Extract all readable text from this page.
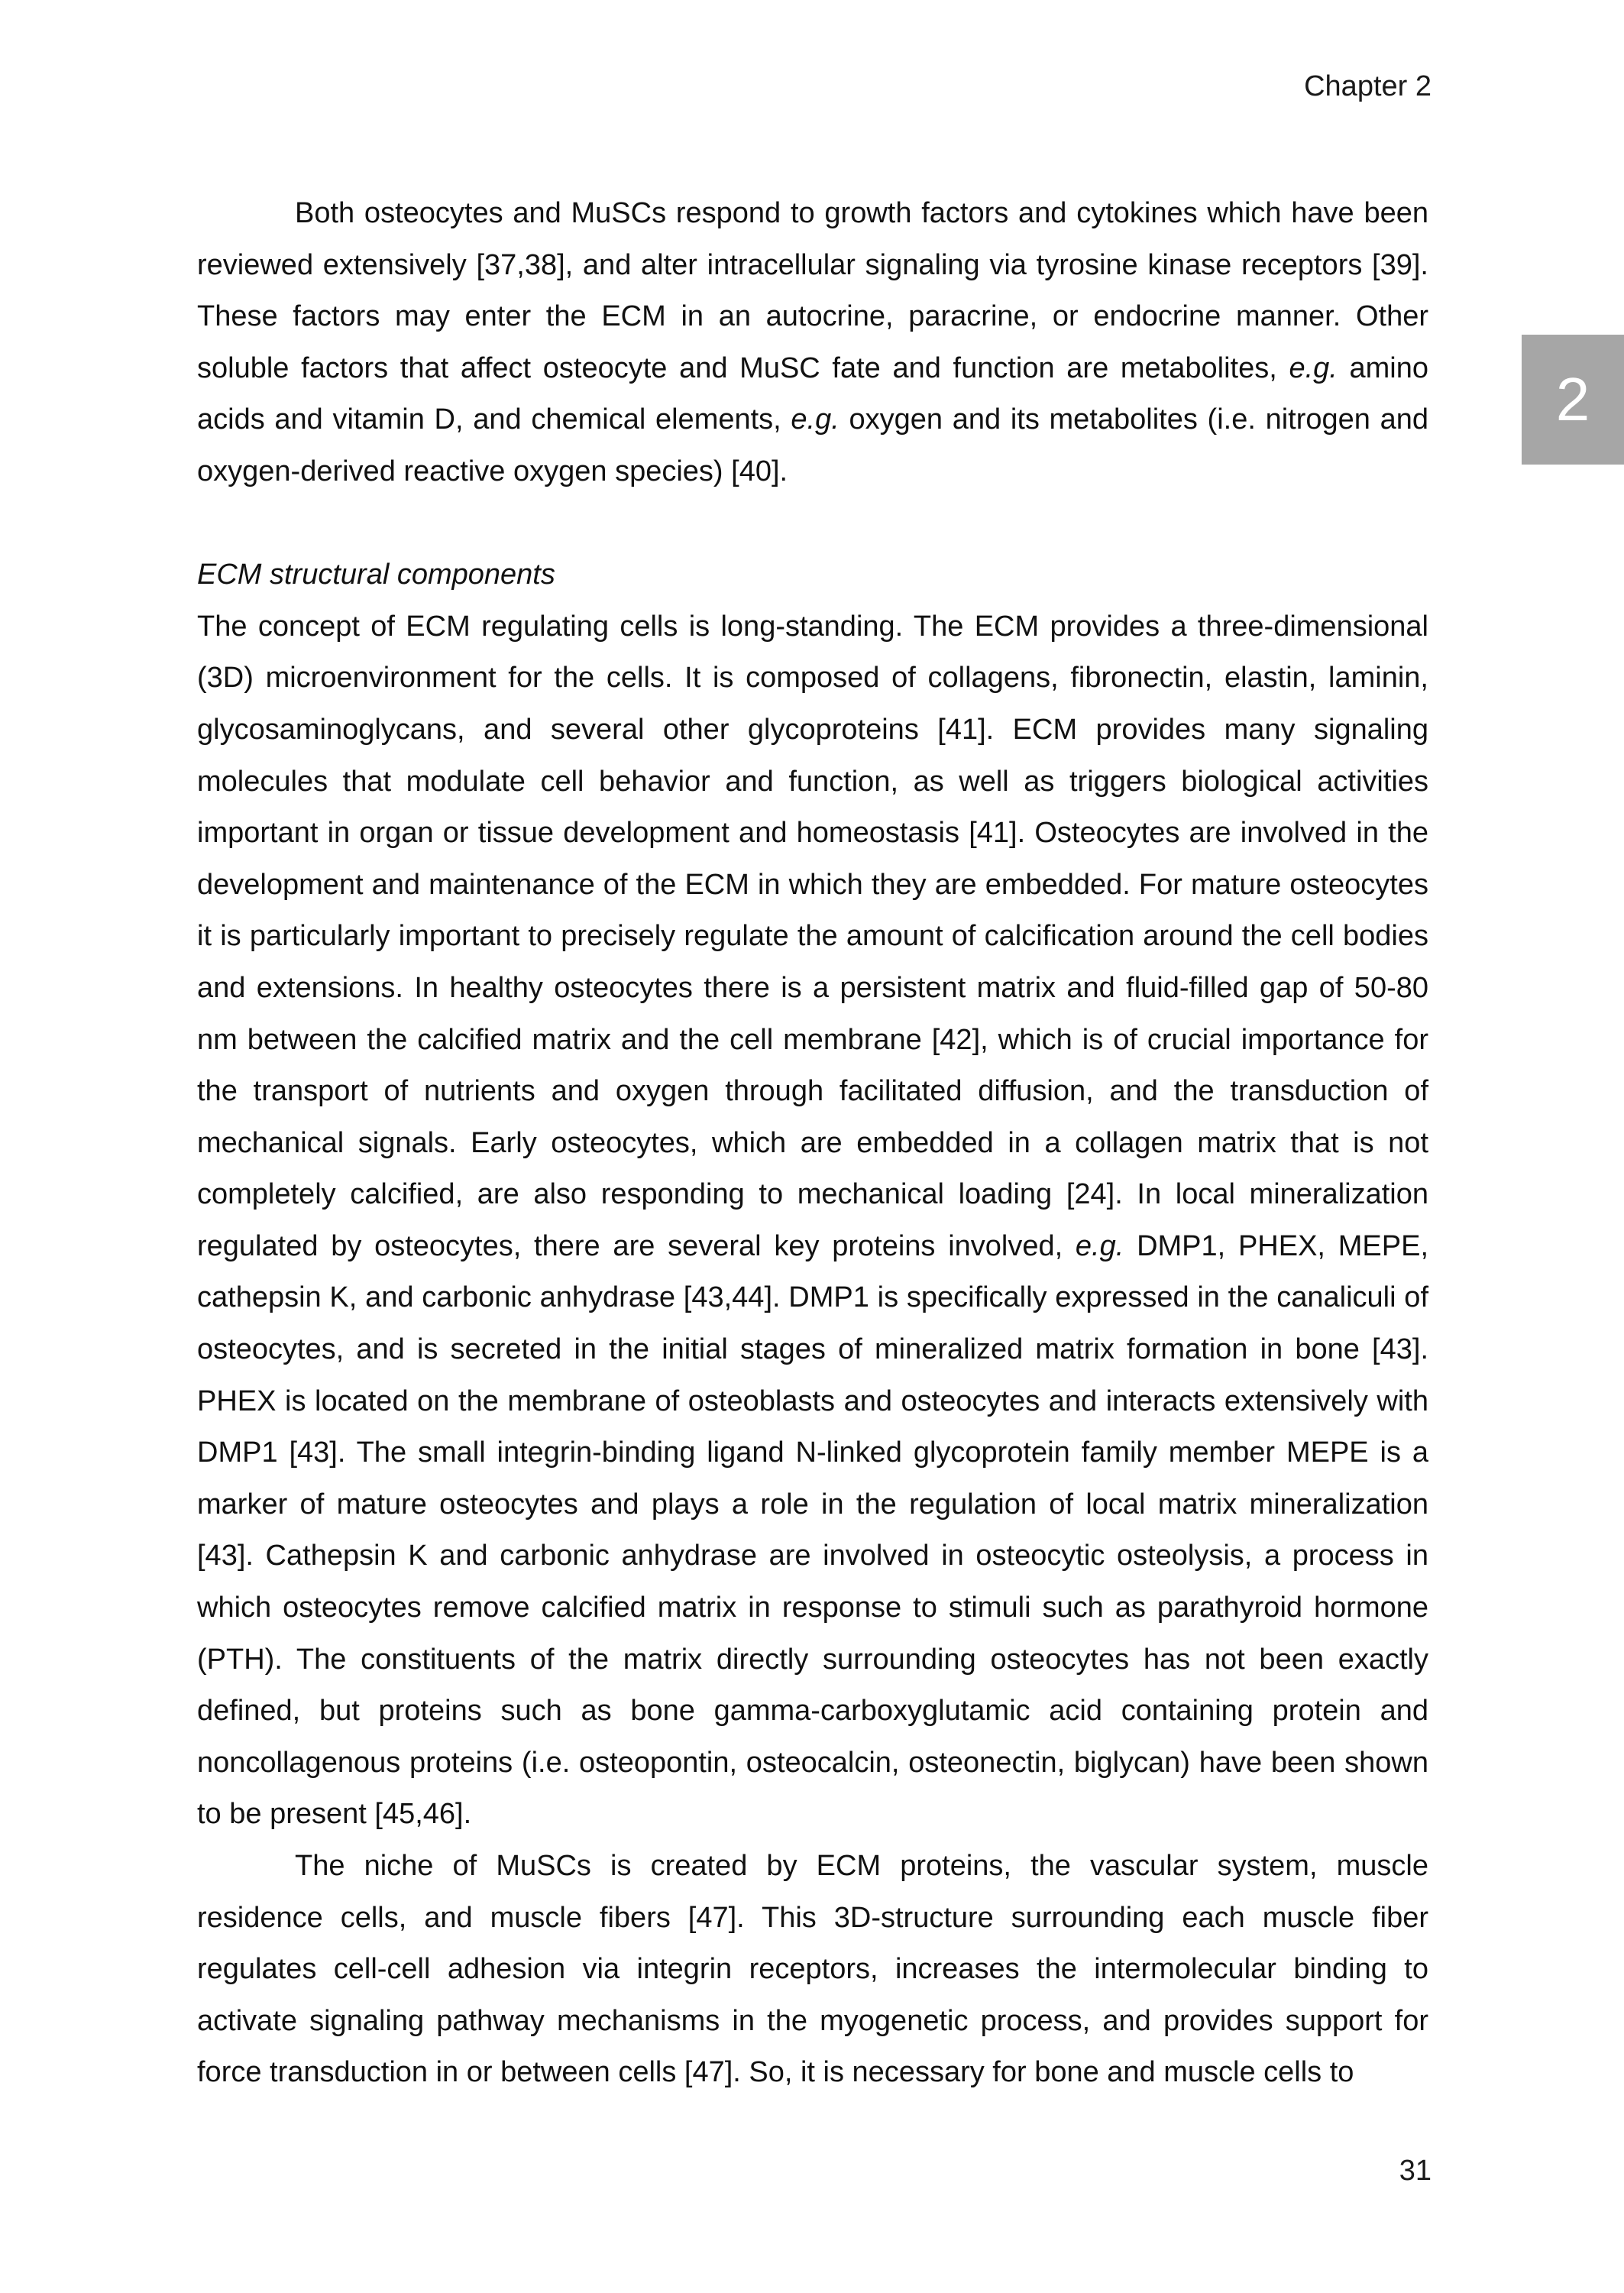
Chapter 2
2

Both osteocytes and MuSCs respond to growth factors and cytokines which have been reviewed extensively [37,38], and alter intracellular signaling via tyrosine kinase receptors [39]. These factors may enter the ECM in an autocrine, paracrine, or endocrine manner. Other soluble factors that affect osteocyte and MuSC fate and function are metabolites, e.g. amino acids and vitamin D, and chemical elements, e.g. oxygen and its metabolites (i.e. nitrogen and oxygen-derived reactive oxygen species) [40].

ECM structural components

The concept of ECM regulating cells is long-standing. The ECM provides a three-dimensional (3D) microenvironment for the cells. It is composed of collagens, fibronectin, elastin, laminin, glycosaminoglycans, and several other glycoproteins [41]. ECM provides many signaling molecules that modulate cell behavior and function, as well as triggers biological activities important in organ or tissue development and homeostasis [41]. Osteocytes are involved in the development and maintenance of the ECM in which they are embedded. For mature osteocytes it is particularly important to precisely regulate the amount of calcification around the cell bodies and extensions. In healthy osteocytes there is a persistent matrix and fluid-filled gap of 50-80 nm between the calcified matrix and the cell membrane [42], which is of crucial importance for the transport of nutrients and oxygen through facilitated diffusion, and the transduction of mechanical signals. Early osteocytes, which are embedded in a collagen matrix that is not completely calcified, are also responding to mechanical loading [24]. In local mineralization regulated by osteocytes, there are several key proteins involved, e.g. DMP1, PHEX, MEPE, cathepsin K, and carbonic anhydrase [43,44]. DMP1 is specifically expressed in the canaliculi of osteocytes, and is secreted in the initial stages of mineralized matrix formation in bone [43]. PHEX is located on the membrane of osteoblasts and osteocytes and interacts extensively with DMP1 [43]. The small integrin-binding ligand N-linked glycoprotein family member MEPE is a marker of mature osteocytes and plays a role in the regulation of local matrix mineralization [43]. Cathepsin K and carbonic anhydrase are involved in osteocytic osteolysis, a process in which osteocytes remove calcified matrix in response to stimuli such as parathyroid hormone (PTH). The constituents of the matrix directly surrounding osteocytes has not been exactly defined, but proteins such as bone gamma-carboxyglutamic acid containing protein and noncollagenous proteins (i.e. osteopontin, osteocalcin, osteonectin, biglycan) have been shown to be present [45,46].

The niche of MuSCs is created by ECM proteins, the vascular system, muscle residence cells, and muscle fibers [47]. This 3D-structure surrounding each muscle fiber regulates cell-cell adhesion via integrin receptors, increases the intermolecular binding to activate signaling pathway mechanisms in the myogenetic process, and provides support for force transduction in or between cells [47]. So, it is necessary for bone and muscle cells to

31
